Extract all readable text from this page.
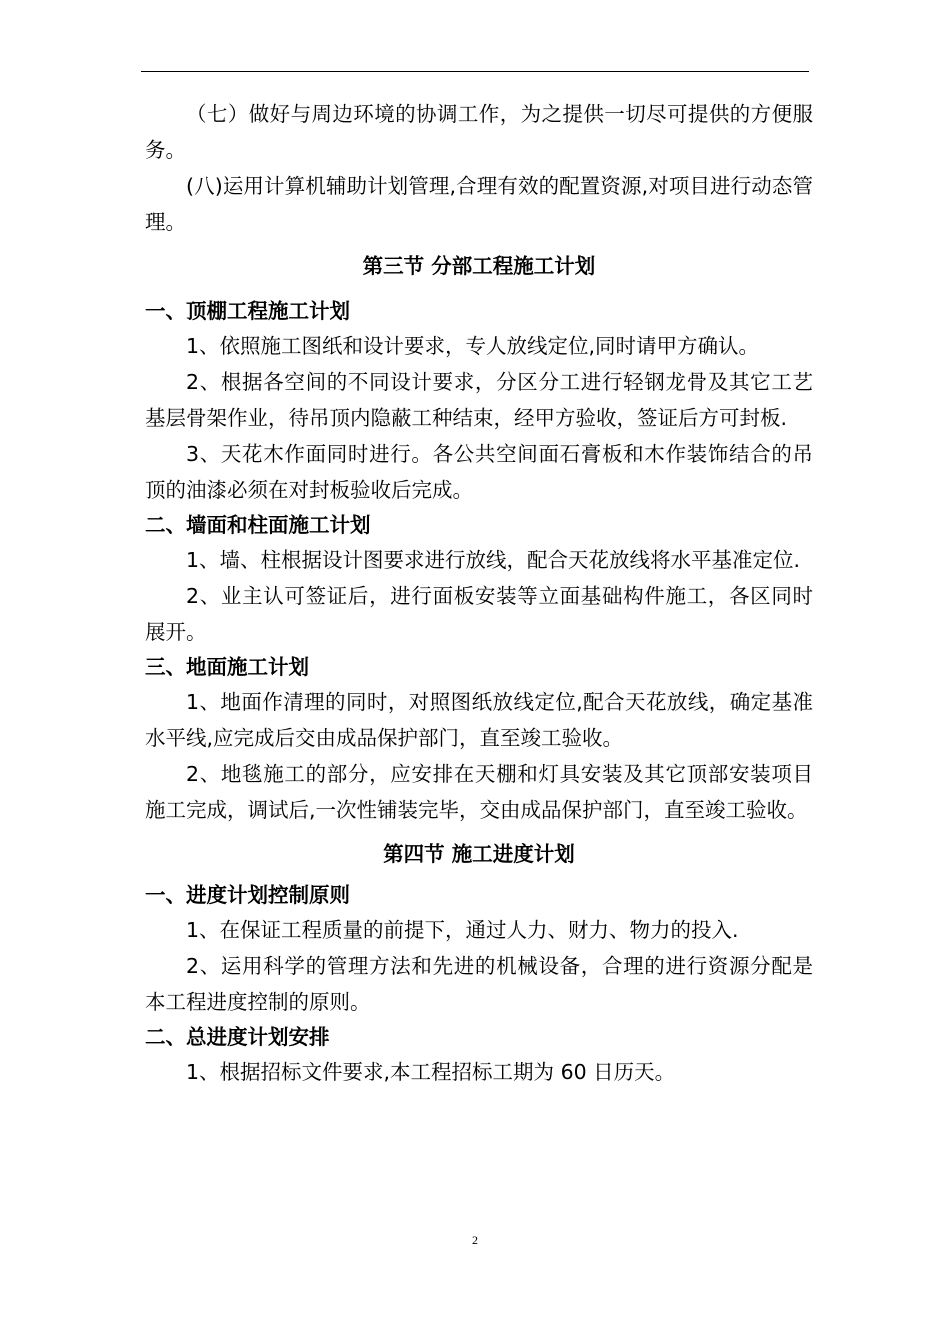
（七）做好与周边环境的协调工作，为之提供一切尽可提供的方便服务。

(八)运用计算机辅助计划管理,合理有效的配置资源,对项目进行动态管理。

第三节 分部工程施工计划
一、顶棚工程施工计划

1、依照施工图纸和设计要求，专人放线定位,同时请甲方确认。

2、根据各空间的不同设计要求，分区分工进行轻钢龙骨及其它工艺基层骨架作业，待吊顶内隐蔽工种结束，经甲方验收，签证后方可封板.

3、天花木作面同时进行。各公共空间面石膏板和木作装饰结合的吊顶的油漆必须在对封板验收后完成。

二、墙面和柱面施工计划

1、墙、柱根据设计图要求进行放线，配合天花放线将水平基准定位.

2、业主认可签证后，进行面板安装等立面基础构件施工，各区同时展开。

三、地面施工计划

1、地面作清理的同时，对照图纸放线定位,配合天花放线，确定基准水平线,应完成后交由成品保护部门，直至竣工验收。

2、地毯施工的部分，应安排在天棚和灯具安装及其它顶部安装项目施工完成，调试后,一次性铺装完毕，交由成品保护部门，直至竣工验收。

第四节 施工进度计划
一、进度计划控制原则

1、在保证工程质量的前提下，通过人力、财力、物力的投入.

2、运用科学的管理方法和先进的机械设备，合理的进行资源分配是本工程进度控制的原则。

二、总进度计划安排

1、根据招标文件要求,本工程招标工期为 60 日历天。

2
